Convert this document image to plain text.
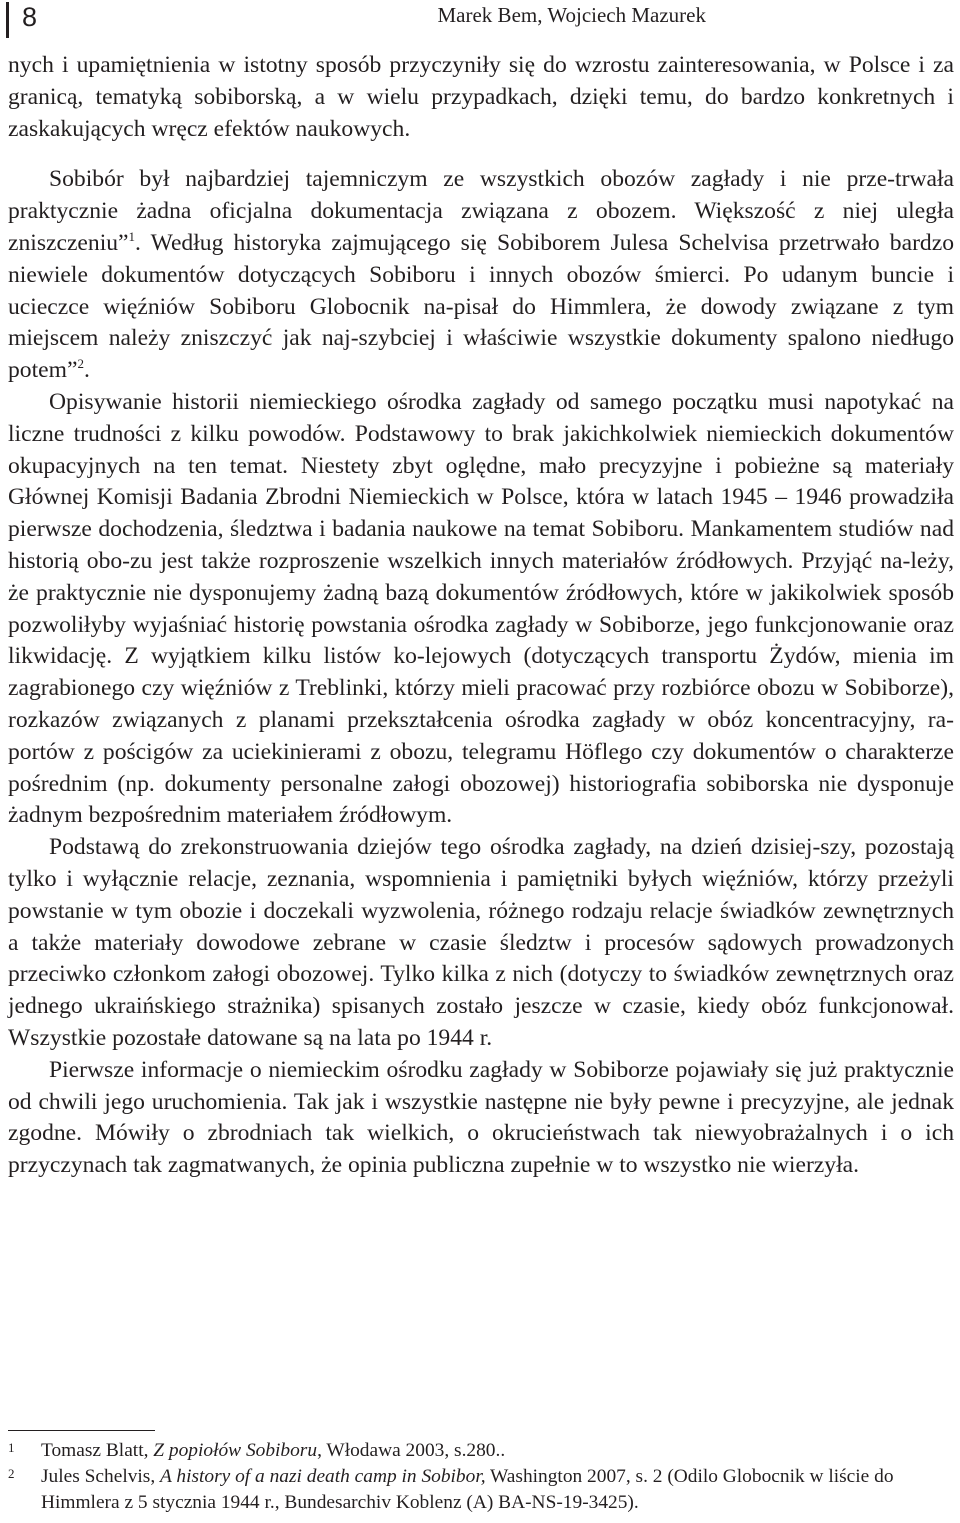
8	Marek Bem, Wojciech Mazurek

nych i upamiętnienia w istotny sposób przyczyniły się do wzrostu zainteresowania, w Polsce i za granicą, tematyką sobiborską, a w wielu przypadkach, dzięki temu, do bardzo konkretnych i zaskakujących wręcz efektów naukowych.

Sobibór był najbardziej tajemniczym ze wszystkich obozów zagłady i nie prze-trwała praktycznie żadna oficjalna dokumentacja związana z obozem. Większość z niej uległa zniszczeniu”$^1$. Według historyka zajmującego się Sobiborem Julesa Schelvisa przetrwało bardzo niewiele dokumentów dotyczących Sobiboru i innych obozów śmierci. Po udanym buncie i ucieczce więźniów Sobiboru Globocnik na-pisał do Himmlera, że dowody związane z tym miejscem należy zniszczyć jak naj-szybciej i właściwie wszystkie dokumenty spalono niedługo potem”$^2$.

Opisywanie historii niemieckiego ośrodka zagłady od samego początku musi napotykać na liczne trudności z kilku powodów. Podstawowy to brak jakichkolwiek niemieckich dokumentów okupacyjnych na ten temat. Niestety zbyt oględne, mało precyzyjne i pobieżne są materiały Głównej Komisji Badania Zbrodni Niemieckich w Polsce, która w latach 1945 – 1946 prowadziła pierwsze dochodzenia, śledztwa i badania naukowe na temat Sobiboru. Mankamentem studiów nad historią obo-zu jest także rozproszenie wszelkich innych materiałów źródłowych. Przyjąć na-leży, że praktycznie nie dysponujemy żadną bazą dokumentów źródłowych, które w jakikolwiek sposób pozwoliłyby wyjaśniać historię powstania ośrodka zagłady w Sobiborze, jego funkcjonowanie oraz likwidację. Z wyjątkiem kilku listów ko-lejowych (dotyczących transportu Żydów, mienia im zagrabionego czy więźniów z Treblinki, którzy mieli pracować przy rozbiórce obozu w Sobiborze), rozkazów związanych z planami przekształcenia ośrodka zagłady w obóz koncentracyjny, ra-portów z pościgów za uciekinierami z obozu, telegramu Höflego czy dokumentów o charakterze pośrednim (np. dokumenty personalne załogi obozowej) historiografia sobiborska nie dysponuje żadnym bezpośrednim materiałem źródłowym.

Podstawą do zrekonstruowania dziejów tego ośrodka zagłady, na dzień dzisiej-szy, pozostają tylko i wyłącznie relacje, zeznania, wspomnienia i pamiętniki byłych więźniów, którzy przeżyli powstanie w tym obozie i doczekali wyzwolenia, różnego rodzaju relacje świadków zewnętrznych a także materiały dowodowe zebrane w czasie śledztw i procesów sądowych prowadzonych przeciwko członkom załogi obozowej. Tylko kilka z nich (dotyczy to świadków zewnętrznych oraz jednego ukraińskiego strażnika) spisanych zostało jeszcze w czasie, kiedy obóz funkcjonował. Wszystkie pozostałe datowane są na lata po 1944 r.

Pierwsze informacje o niemieckim ośrodku zagłady w Sobiborze pojawiały się już praktycznie od chwili jego uruchomienia. Tak jak i wszystkie następne nie były pewne i precyzyjne, ale jednak zgodne. Mówiły o zbrodniach tak wielkich, o okrucieństwach tak niewyobrażalnych i o ich przyczynach tak zagmatwanych, że opinia publiczna zupełnie w to wszystko nie wierzyła.

1 Tomasz Blatt, Z popiołów Sobiboru, Włodawa 2003, s.280..
2 Jules Schelvis, A history of a nazi death camp in Sobibor, Washington 2007, s. 2 (Odilo Globocnik w liście do Himmlera z 5 stycznia 1944 r., Bundesarchiv Koblenz (A) BA-NS-19-3425).
